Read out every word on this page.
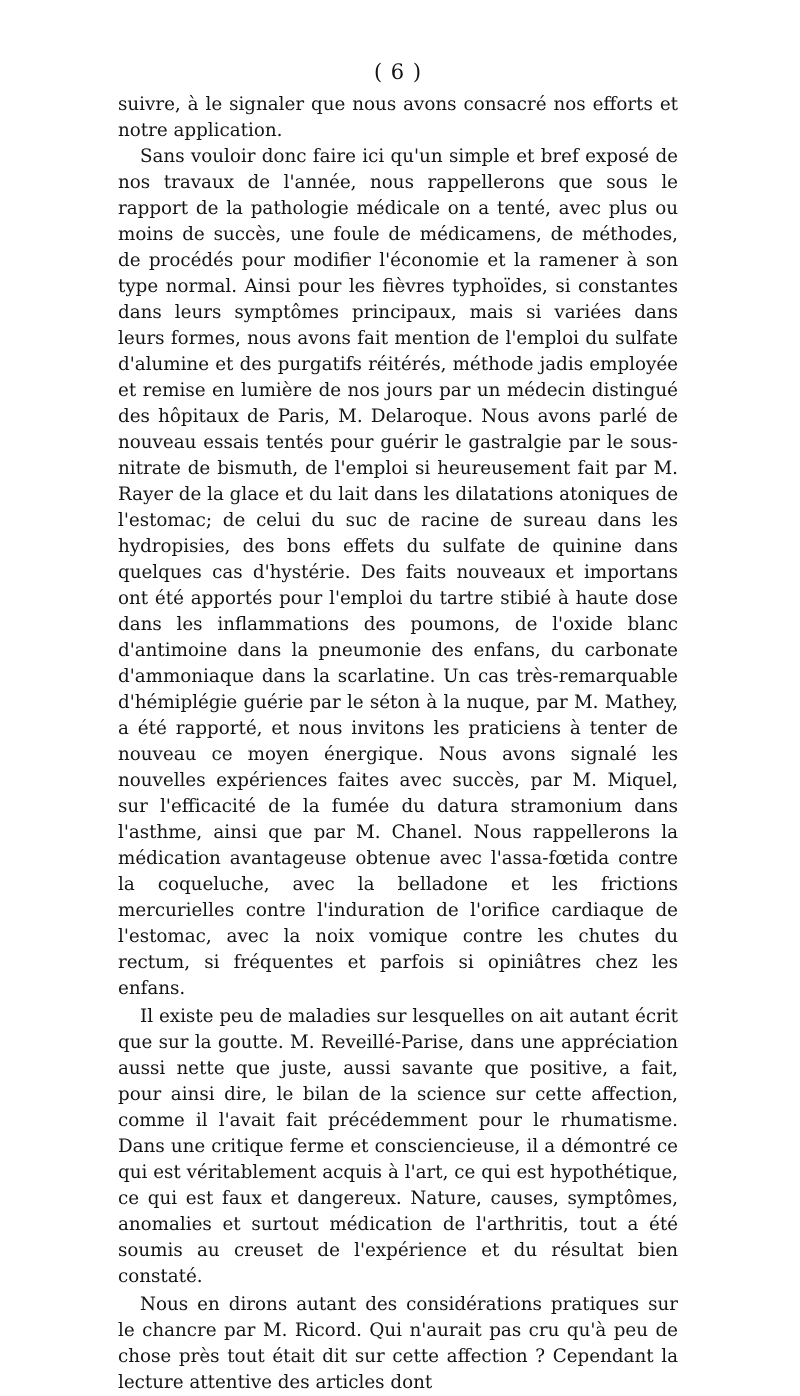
( 6 )

suivre, à le signaler que nous avons consacré nos efforts et notre application.

Sans vouloir donc faire ici qu'un simple et bref exposé de nos travaux de l'année, nous rappellerons que sous le rapport de la pathologie médicale on a tenté, avec plus ou moins de succès, une foule de médicamens, de méthodes, de procédés pour modifier l'économie et la ramener à son type normal. Ainsi pour les fièvres typhoïdes, si constantes dans leurs symptômes principaux, mais si variées dans leurs formes, nous avons fait mention de l'emploi du sulfate d'alumine et des purgatifs réitérés, méthode jadis employée et remise en lumière de nos jours par un médecin distingué des hôpitaux de Paris, M. Delaroque. Nous avons parlé de nouveau essais tentés pour guérir le gastralgie par le sous-nitrate de bismuth, de l'emploi si heureusement fait par M. Rayer de la glace et du lait dans les dilatations atoniques de l'estomac; de celui du suc de racine de sureau dans les hydropisies, des bons effets du sulfate de quinine dans quelques cas d'hystérie. Des faits nouveaux et importans ont été apportés pour l'emploi du tartre stibié à haute dose dans les inflammations des poumons, de l'oxide blanc d'antimoine dans la pneumonie des enfans, du carbonate d'ammoniaque dans la scarlatine. Un cas très-remarquable d'hémiplégie guérie par le séton à la nuque, par M. Mathey, a été rapporté, et nous invitons les praticiens à tenter de nouveau ce moyen énergique. Nous avons signalé les nouvelles expériences faites avec succès, par M. Miquel, sur l'efficacité de la fumée du datura stramonium dans l'asthme, ainsi que par M. Chanel. Nous rappellerons la médication avantageuse obtenue avec l'assa-fœtida contre la coqueluche, avec la belladone et les frictions mercurielles contre l'induration de l'orifice cardiaque de l'estomac, avec la noix vomique contre les chutes du rectum, si fréquentes et parfois si opiniâtres chez les enfans.

Il existe peu de maladies sur lesquelles on ait autant écrit que sur la goutte. M. Reveillé-Parise, dans une appréciation aussi nette que juste, aussi savante que positive, a fait, pour ainsi dire, le bilan de la science sur cette affection, comme il l'avait fait précédemment pour le rhumatisme. Dans une critique ferme et consciencieuse, il a démontré ce qui est véritablement acquis à l'art, ce qui est hypothétique, ce qui est faux et dangereux. Nature, causes, symptômes, anomalies et surtout médication de l'arthritis, tout a été soumis au creuset de l'expérience et du résultat bien constaté.

Nous en dirons autant des considérations pratiques sur le chancre par M. Ricord. Qui n'aurait pas cru qu'à peu de chose près tout était dit sur cette affection ? Cependant la lecture attentive des articles dont
